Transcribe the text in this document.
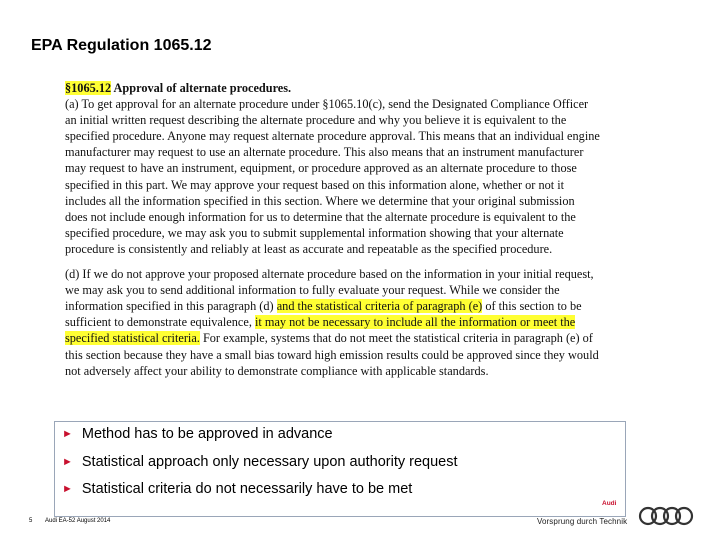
EPA Regulation 1065.12

§1065.12 Approval of alternate procedures.

(a) To get approval for an alternate procedure under §1065.10(c), send the Designated Compliance Officer an initial written request describing the alternate procedure and why you believe it is equivalent to the specified procedure. Anyone may request alternate procedure approval. This means that an individual engine manufacturer may request to use an alternate procedure. This also means that an instrument manufacturer may request to have an instrument, equipment, or procedure approved as an alternate procedure to those specified in this part. We may approve your request based on this information alone, whether or not it includes all the information specified in this section. Where we determine that your original submission does not include enough information for us to determine that the alternate procedure is equivalent to the specified procedure, we may ask you to submit supplemental information showing that your alternate procedure is consistently and reliably at least as accurate and repeatable as the specified procedure.

(d) If we do not approve your proposed alternate procedure based on the information in your initial request, we may ask you to send additional information to fully evaluate your request. While we consider the information specified in this paragraph (d) and the statistical criteria of paragraph (e) of this section to be sufficient to demonstrate equivalence, it may not be necessary to include all the information or meet the specified statistical criteria. For example, systems that do not meet the statistical criteria in paragraph (e) of this section because they have a small bias toward high emission results could be approved since they would not adversely affect your ability to demonstrate compliance with applicable standards.

► Method has to be approved in advance
► Statistical approach only necessary upon authority request
► Statistical criteria do not necessarily have to be met
5 Audi EA-52 August 2014
Audi
Vorsprung durch Technik
